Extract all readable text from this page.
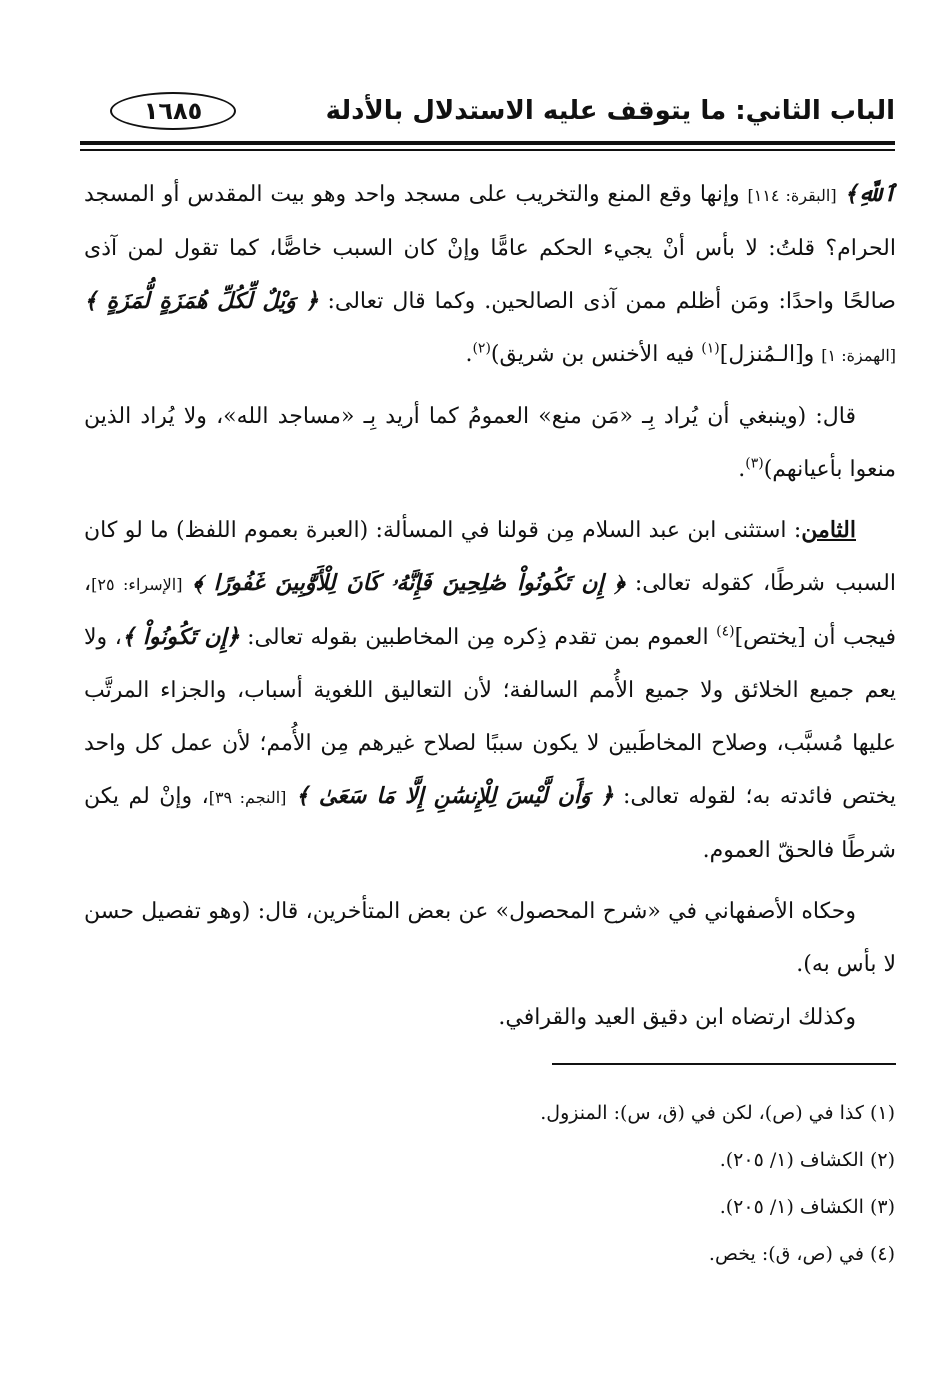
الباب الثاني: ما يتوقف عليه الاستدلال بالأدلة
١٦٨٥

ٱللَّهِ﴾ [البقرة: ١١٤] وإنها وقع المنع والتخريب على مسجد واحد وهو بيت المقدس أو المسجد الحرام؟ قلتُ: لا بأس أنْ يجيء الحكم عامًّا وإنْ كان السبب خاصًّا، كما تقول لمن آذى صالحًا واحدًا: ومَن أظلم ممن آذى الصالحين. وكما قال تعالى: ﴿ وَيْلٌ لِّكُلِّ هُمَزَةٍ لُّمَزَةٍ ﴾ [الهمزة: ١] و[الـمُنزل]$^{(١)}$ فيه الأخنس بن شريق)$^{(٢)}$.

قال: (وينبغي أن يُراد بِـ «مَن منع» العمومُ كما أريد بِـ «مساجد الله»، ولا يُراد الذين منعوا بأعيانهم)$^{(٣)}$.

الثامن: استثنى ابن عبد السلام مِن قولنا في المسألة: (العبرة بعموم اللفظ) ما لو كان السبب شرطًا، كقوله تعالى: ﴿ إِن تَكُونُواْ صَٰلِحِينَ فَإِنَّهُۥ كَانَ لِلْأَوَّٰبِينَ غَفُورًا ﴾ [الإسراء: ٢٥]، فيجب أن [يختص]$^{(٤)}$ العموم بمن تقدم ذِكره مِن المخاطبين بقوله تعالى: ﴿إِن تَكُونُواْ ﴾، ولا يعم جميع الخلائق ولا جميع الأُمم السالفة؛ لأن التعاليق اللغوية أسباب، والجزاء المرتَّب عليها مُسبَّب، وصلاح المخاطَبين لا يكون سببًا لصلاح غيرهم مِن الأُمم؛ لأن عمل كل واحد يختص فائدته به؛ لقوله تعالى: ﴿ وَأَن لَّيْسَ لِلْإِنسَٰنِ إِلَّا مَا سَعَىٰ ﴾ [النجم: ٣٩]، وإنْ لم يكن شرطًا فالحقّ العموم.

وحكاه الأصفهاني في «شرح المحصول» عن بعض المتأخرين، قال: (وهو تفصيل حسن لا بأس به).

وكذلك ارتضاه ابن دقيق العيد والقرافي.

(١) كذا في (ص)، لكن في (ق، س): المنزول.

(٢) الكشاف (١/ ٢٠٥).

(٣) الكشاف (١/ ٢٠٥).

(٤) في (ص، ق): يخص.
